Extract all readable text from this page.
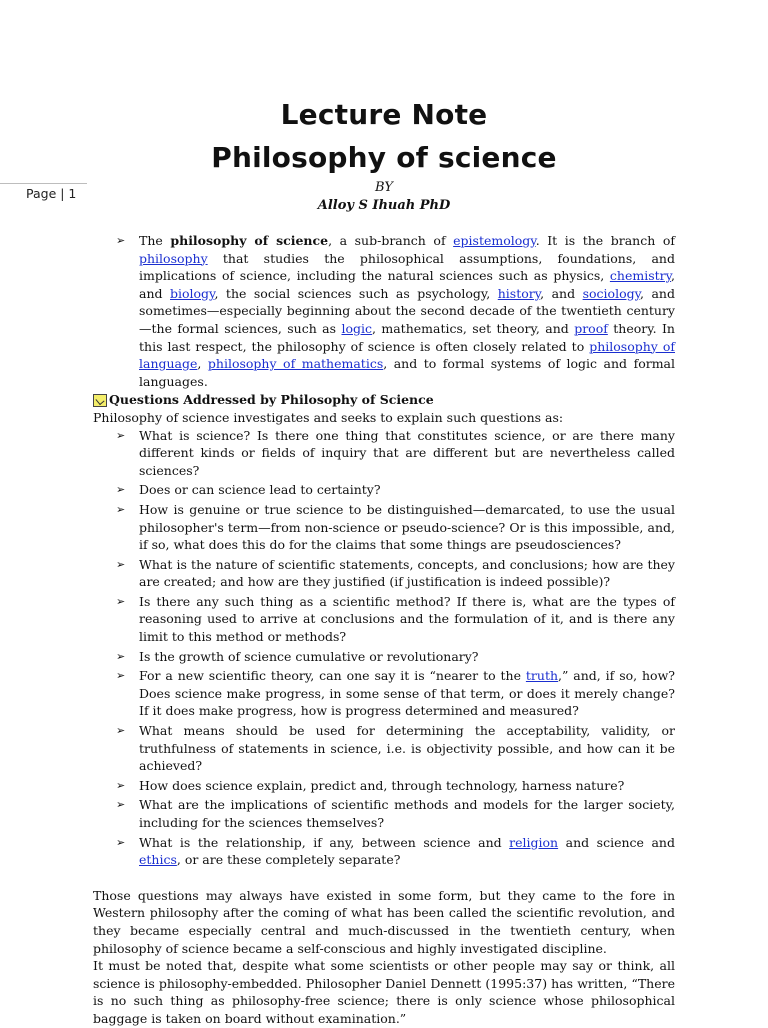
Page | 1
Lecture Note
Philosophy of science
BY
Alloy S Ihuah PhD
➢	The philosophy of science, a sub-branch of epistemology. It is the branch of philosophy that studies the philosophical assumptions, foundations, and implications of science, including the natural sciences such as physics, chemistry, and biology, the social sciences such as psychology, history, and sociology, and sometimes—especially beginning about the second decade of the twentieth century—the formal sciences, such as logic, mathematics, set theory, and proof theory. In this last respect, the philosophy of science is often closely related to philosophy of language, philosophy of mathematics, and to formal systems of logic and formal languages.
Questions Addressed by Philosophy of Science

Philosophy of science investigates and seeks to explain such questions as:

➢	What is science? Is there one thing that constitutes science, or are there many different kinds or fields of inquiry that are different but are nevertheless called sciences?
➢	Does or can science lead to certainty?
➢	How is genuine or true science to be distinguished—demarcated, to use the usual philosopher's term—from non-science or pseudo-science? Or is this impossible, and, if so, what does this do for the claims that some things are pseudosciences?
➢	What is the nature of scientific statements, concepts, and conclusions; how are they are created; and how are they justified (if justification is indeed possible)?
➢	Is there any such thing as a scientific method? If there is, what are the types of reasoning used to arrive at conclusions and the formulation of it, and is there any limit to this method or methods?
➢	Is the growth of science cumulative or revolutionary?
➢	For a new scientific theory, can one say it is “nearer to the truth,” and, if so, how? Does science make progress, in some sense of that term, or does it merely change? If it does make progress, how is progress determined and measured?
➢	What means should be used for determining the acceptability, validity, or truthfulness of statements in science, i.e. is objectivity possible, and how can it be achieved?
➢	How does science explain, predict and, through technology, harness nature?
➢	What are the implications of scientific methods and models for the larger society, including for the sciences themselves?
➢	What is the relationship, if any, between science and religion and science and ethics, or are these completely separate?

Those questions may always have existed in some form, but they came to the fore in Western philosophy after the coming of what has been called the scientific revolution, and they became especially central and much-discussed in the twentieth century, when philosophy of science became a self-conscious and highly investigated discipline.

It must be noted that, despite what some scientists or other people may say or think, all science is philosophy-embedded. Philosopher Daniel Dennett (1995:37) has written, “There is no such thing as philosophy-free science; there is only science whose philosophical baggage is taken on board without examination.”
